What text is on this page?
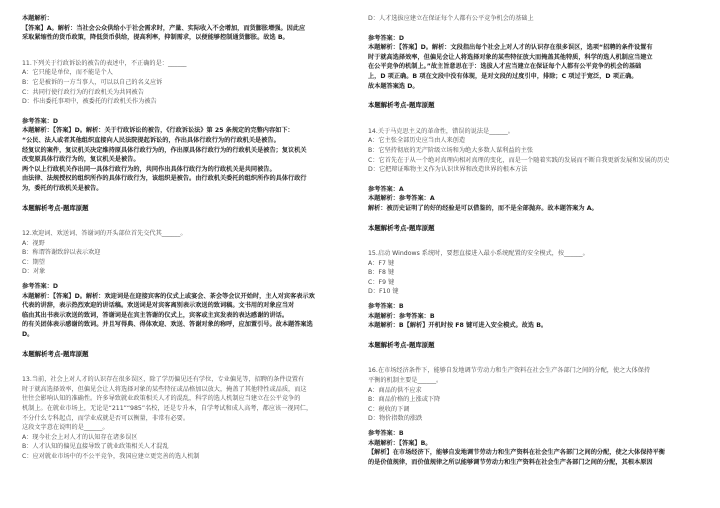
本题解析：
【答案】A。解析：当社会公众供给小于社会需求时，产量、实际收入不会增加，而货膨胀增强。因此应
采取紧缩性的货币政策，降低货币供给，提高利率，抑制需求，以便能够控制通货膨胀。故选 B。
11.下列关于行政诉讼的被告的表述中，不正确的是：______
A：它只能是单位，而不能是个人
B：它是被诉的一方当事人，可以以自己的名义应诉
C：共同行使行政行为的行政机关为共同被告
D：作出委托事项中，被委托的行政机关作为被告
参考答案：D
本题解析：【答案】D。解析：关于行政诉讼的被告，《行政诉讼法》第 25 条规定的完整内容如下：
“公民、法人或者其他组织直接向人民法院提起诉讼的，作出具体行政行为的行政机关是被告。
经复议的案件，复议机关决定维持原具体行政行为的，作出原具体行政行为的行政机关是被告；复议机关
改变原具体行政行为的，复议机关是被告。
两个以上行政机关作出同一具体行政行为的，共同作出具体行政行为的行政机关是共同被告。
由法律、法规授权的组织所作的具体行政行为，该组织是被告。由行政机关委托的组织所作的具体行政行
为，委托的行政机关是被告。
本题解析考点-题库原题
12.欢迎词、欢送词、答谢词的开头部位首先交代其______。
A：视野
B：称谓答谢致辞以表示欢迎
C：期望
D：对象
参考答案：D
本题解析：【答案】D。解析：欢迎词是在迎接宾客的仪式上或宴会、茶会等会议开始时，主人对宾客表示欢
代表的讲辞，表示热烈欢迎的讲话稿。欢送词是对宾客离别表示欢送的致词稿。文书用的对象应当对
临由其出书表示欢送的致词，答谢词是在宾主答谢的仪式上，宾客或主宾发表的表达感谢的讲话。
的有关团体表示感谢的致词。并且写得典、得体欢迎、欢送、答谢对象的称呼，应加置引号。故本题答案选
D。
本题解析考点-题库原题
13.当前，社会上对人才的认识存在很多误区，除了学历偏见还有学位，专业偏见等，招聘的条件设置有
时于就高选择效率，但偏见会让人将选择对象的某些特征或品格加以放大，掩盖了其他特性或品质，而这
往往会影响认知的准确性。许多导致就业政策相关人才的混乱，科学的选人机制应当建立在公平竞争的
机制上。在就业市场上，无论是“211”“985”名校，还是专升本，自学考试和成人高考，都应该一视同仁，
不分什么专科起点，而学业成就是否可以衡量，非常有必要。
这段文字意在说明的是______。
A：现今社会上对人才的认知存在诸多误区
B：人才认知的偏见直接导致了就业政策相关人才混乱
C：应对就业市场中的不公平竞争，我国应建立更完善的选人机制
D：人才选拔应建立在保证每个人都有公平竞争机会的基础上
参考答案：D
本题解析：【答案】D。解析：文段指出每个社会上对人才的认识存在很多误区，选项“招聘的条件设置有
时于就高选择效率，但偏见会让人将选择对象的某些特征放大而掩盖其他特质，科学的选人机制应当建立
在公平竞争的机制上。”故主旨意思在于：选拔人才应当建立在保证每个人都有公平竞争的机会的基础
上，D 项正确。B 项在文段中没有体现，是对文段的过度引申，排除；C 项过于宽泛，D 项正确。
故本题答案选 D。
本题解析考点-题库原题
14.关于马克思主义的革命性，错误的说法是______。
A：它主张全部历史应当由人来创造
B：它坚持彻底的无产阶级立场和为绝大多数人谋利益的主张
C：它首先在于从一个绝对真理向相对真理的变化，而是一个随着实践的发展而不断自我更新发展和发展的历史
D：它把辩证唯物主义作为认识世界和改造世界的根本方法
参考答案：A
本题解析：参考答案：A
解析：被历史证明了的好的经验是可以借鉴的，而不是全部抛弃。故本题答案为 A。
本题解析考点-题库原题
15.启动 Windows 系统时，要想直接进入最小系统配置的安全模式，按______。
A：F7 键
B：F8 键
C：F9 键
D：F10 键
参考答案：B
本题解析：参考答案：B
本题解析：B【解析】开机时按 F8 键可进入安全模式。故选 B。
本题解析考点-题库原题
16.在市场经济条件下，能够自发地调节劳动力和生产资料在社会生产各部门之间的分配，使之大体保持
平衡的机制主要是______。
A：商品的供不应求
B：商品价格的上涨或下降
C：税收的下调
D：物价指数的涨跌
参考答案：B
本题解析：【答案】B。
【解析】在市场经济下，能够自发地调节劳动力和生产资料在社会生产各部门之间的分配，使之大体保持平衡
的是价值规律，而价值规律之所以能够调节劳动力和生产资料在社会生产各部门之间的分配，其根本原因
